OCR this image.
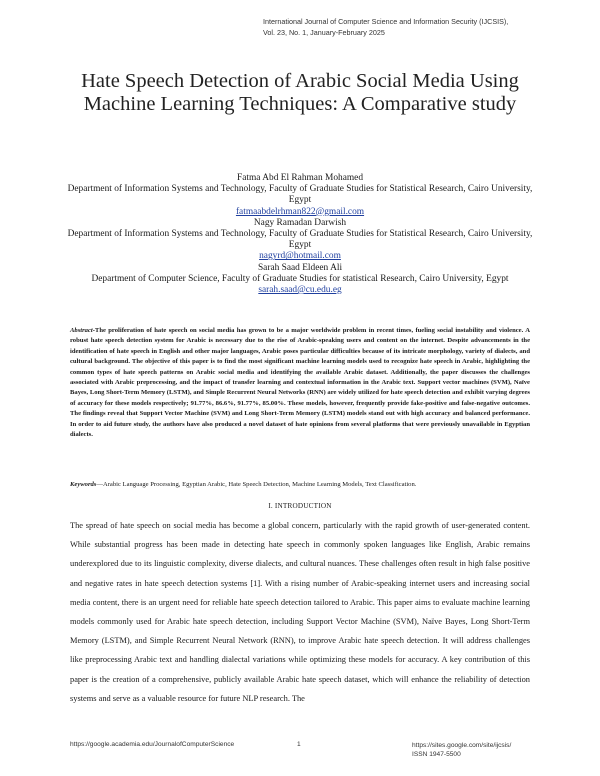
International Journal of Computer Science and Information Security (IJCSIS),
Vol. 23, No. 1, January-February 2025
Hate Speech Detection of Arabic Social Media Using Machine Learning Techniques: A Comparative study
Fatma Abd El Rahman Mohamed
Department of Information Systems and Technology, Faculty of Graduate Studies for Statistical Research, Cairo University, Egypt
fatmaabdelrhman822@gmail.com
Nagy Ramadan Darwish
Department of Information Systems and Technology, Faculty of Graduate Studies for Statistical Research, Cairo University, Egypt
nagyrd@hotmail.com
Sarah Saad Eldeen Ali
Department of Computer Science, Faculty of Graduate Studies for statistical Research, Cairo University, Egypt
sarah.saad@cu.edu.eg
Abstract-The proliferation of hate speech on social media has grown to be a major worldwide problem in recent times, fueling social instability and violence. A robust hate speech detection system for Arabic is necessary due to the rise of Arabic-speaking users and content on the internet. Despite advancements in the identification of hate speech in English and other major languages, Arabic poses particular difficulties because of its intricate morphology, variety of dialects, and cultural background. The objective of this paper is to find the most significant machine learning models used to recognize hate speech in Arabic, highlighting the common types of hate speech patterns on Arabic social media and identifying the available Arabic dataset. Additionally, the paper discusses the challenges associated with Arabic preprocessing, and the impact of transfer learning and contextual information in the Arabic text. Support vector machines (SVM), Naïve Bayes, Long Short-Term Memory (LSTM), and Simple Recurrent Neural Networks (RNN) are widely utilized for hate speech detection and exhibit varying degrees of accuracy for these models respectively; 91.77%, 86.6%, 91.77%, 85.00%. These models, however, frequently provide fake-positive and false-negative outcomes. The findings reveal that Support Vector Machine (SVM) and Long Short-Term Memory (LSTM) models stand out with high accuracy and balanced performance. In order to aid future study, the authors have also produced a novel dataset of hate opinions from several platforms that were previously unavailable in Egyptian dialects.
Keywords—Arabic Language Processing, Egyptian Arabic, Hate Speech Detection, Machine Learning Models, Text Classification.
I. INTRODUCTION
The spread of hate speech on social media has become a global concern, particularly with the rapid growth of user-generated content. While substantial progress has been made in detecting hate speech in commonly spoken languages like English, Arabic remains underexplored due to its linguistic complexity, diverse dialects, and cultural nuances. These challenges often result in high false positive and negative rates in hate speech detection systems [1]. With a rising number of Arabic-speaking internet users and increasing social media content, there is an urgent need for reliable hate speech detection tailored to Arabic. This paper aims to evaluate machine learning models commonly used for Arabic hate speech detection, including Support Vector Machine (SVM), Naïve Bayes, Long Short-Term Memory (LSTM), and Simple Recurrent Neural Network (RNN), to improve Arabic hate speech detection. It will address challenges like preprocessing Arabic text and handling dialectal variations while optimizing these models for accuracy. A key contribution of this paper is the creation of a comprehensive, publicly available Arabic hate speech dataset, which will enhance the reliability of detection systems and serve as a valuable resource for future NLP research. The
https://google.academia.edu/JournalofComputerScience	1	https://sites.google.com/site/ijcsis/
ISSN 1947-5500
